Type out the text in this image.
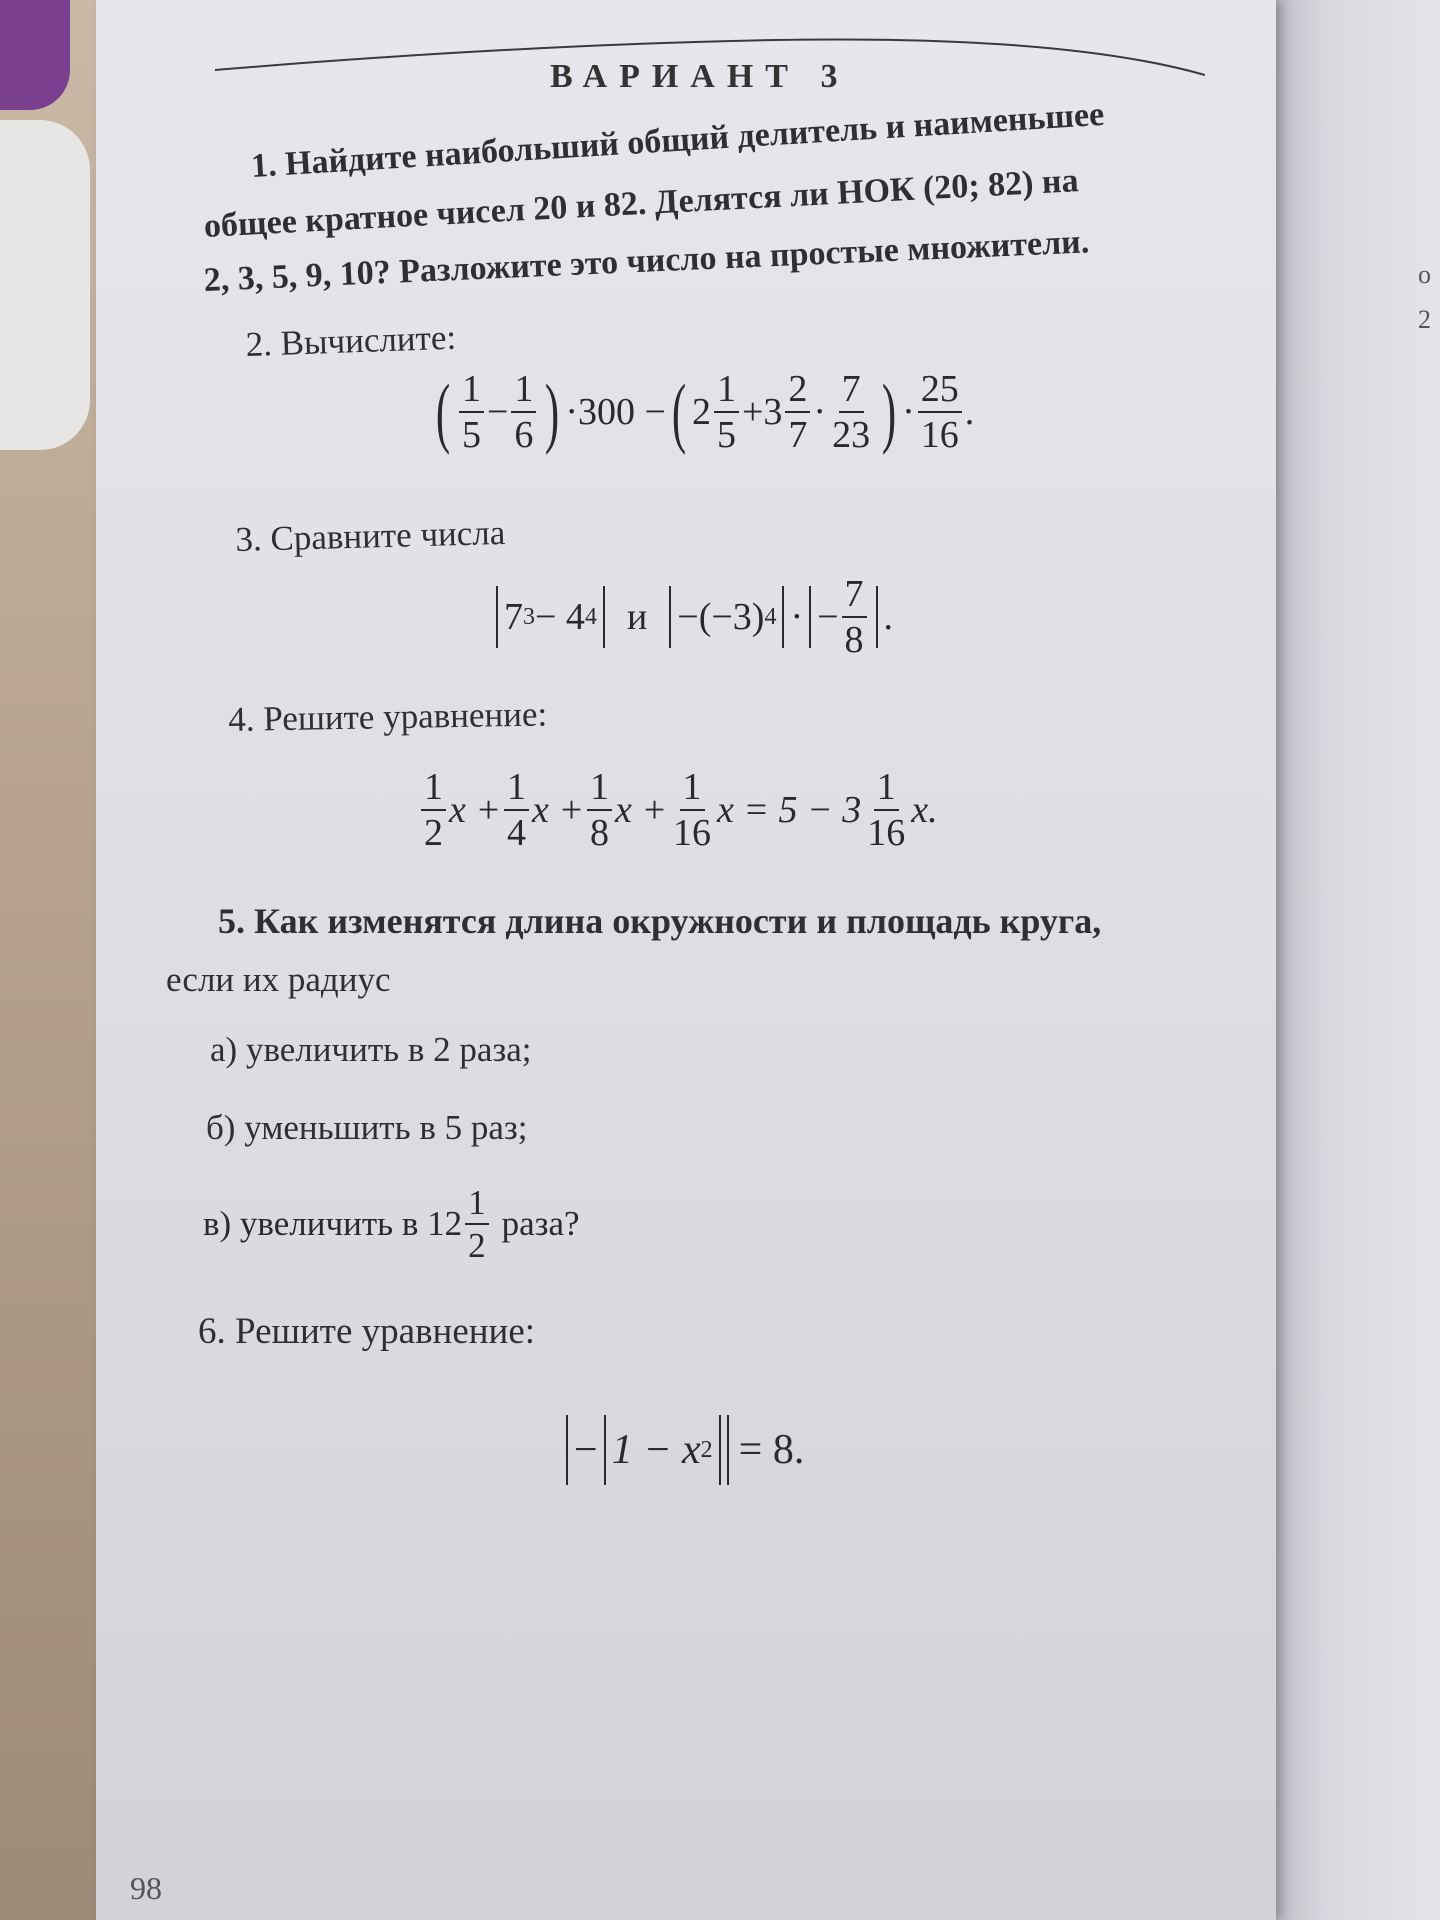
о
2
ВАРИАНТ 3
1. Найдите наибольший общий делитель и наименьшее
общее кратное чисел 20 и 82. Делятся ли НОК (20; 82) на
2, 3, 5, 9, 10? Разложите это число на простые множители.
2. Вычислите:
( $\frac{1}{5} - \frac{1}{6}$ ) ·300 − ( $2 \frac{1}{5} +3 \frac{2}{7} \cdot \frac{7}{23}$ ) · $\frac{25}{16}$ .
3. Сравните числа
7 3 − 4 4 и −(−3) 4 · − $\frac{7}{8}$ .
4. Решите уравнение:
$\frac{1}{2}$ $x + \frac{1}{4}$ $x + \frac{1}{8}$ $x + \frac{1}{16}$ $x = 5 - 3 \frac{1}{16} x$.
5. Как изменятся длина окружности и площадь круга,
если их радиус
а) увеличить в 2 раза;
б) уменьшить в 5 раз;
в) увеличить в $12 \frac{1}{2}$ раза?
6. Решите уравнение:
− 1 − x 2 = 8.
98
